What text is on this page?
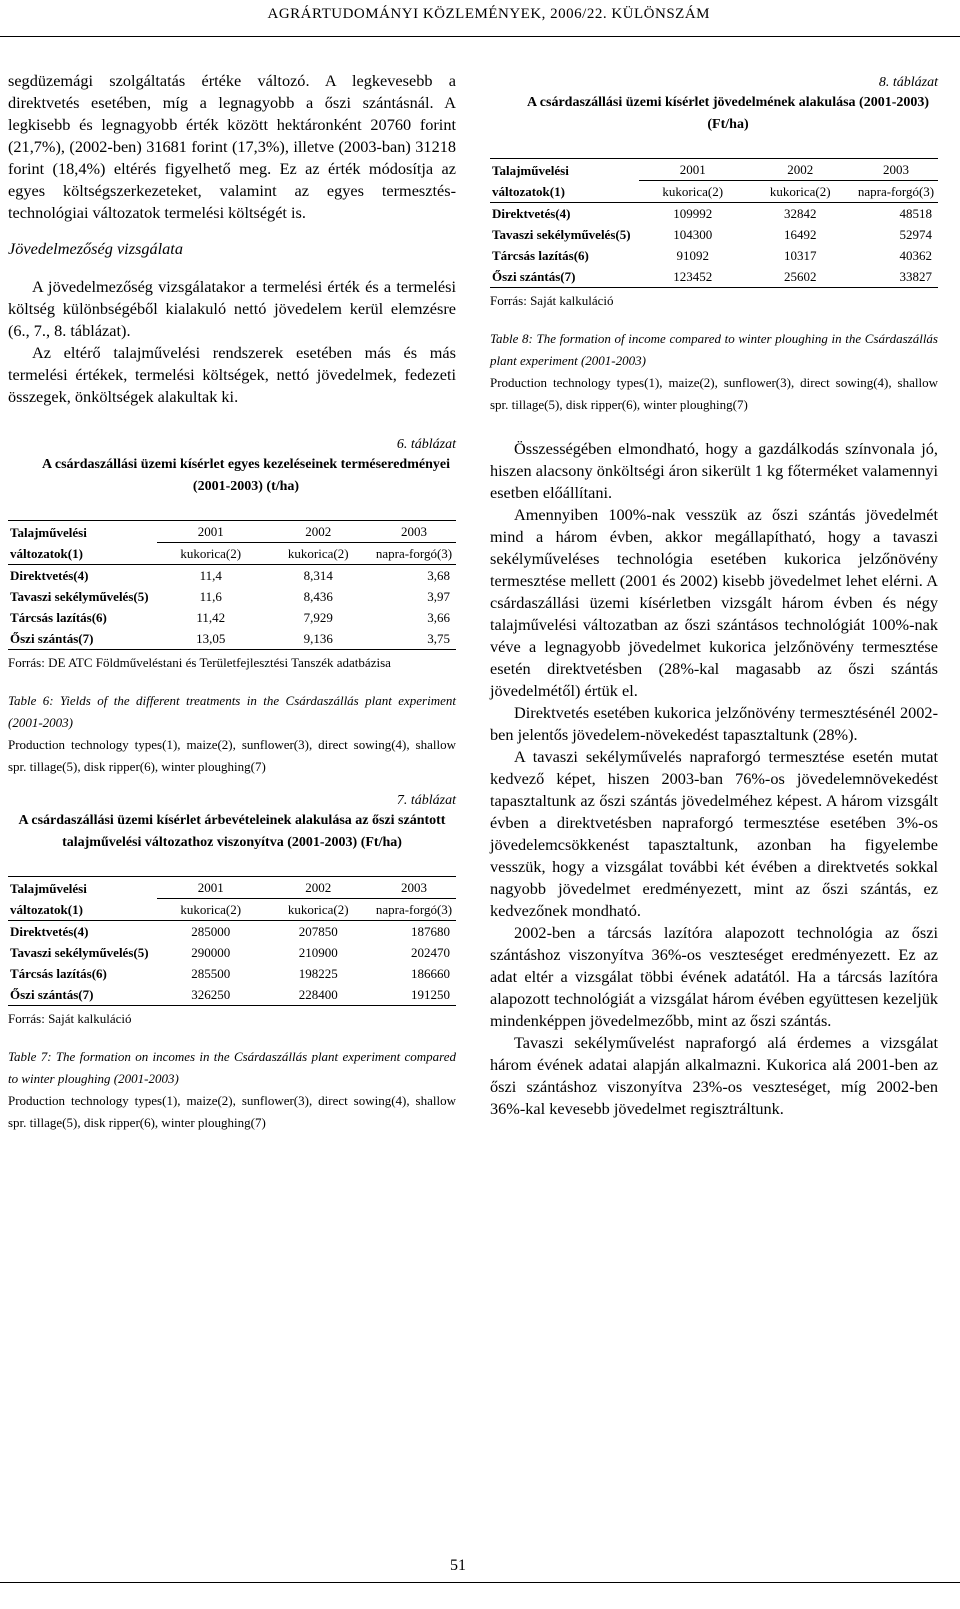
AGRÁRTUDOMÁNYI KÖZLEMÉNYEK, 2006/22. KÜLÖNSZÁM

segdüzemági szolgáltatás értéke változó. A legkevesebb a direktvetés esetében, míg a legnagyobb a őszi szántásnál. A legkisebb és legnagyobb érték között hektáronként 20760 forint (21,7%), (2002-ben) 31681 forint (17,3%), illetve (2003-ban) 31218 forint (18,4%) eltérés figyelhető meg. Ez az érték módosítja az egyes költségszerkezeteket, valamint az egyes termesztés-technológiai változatok termelési költségét is.

Jövedelmezőség vizsgálata

A jövedelmezőség vizsgálatakor a termelési érték és a termelési költség különbségéből kialakuló nettó jövedelem kerül elemzésre (6., 7., 8. táblázat).

Az eltérő talajművelési rendszerek esetében más és más termelési értékek, termelési költségek, nettó jövedelmek, fedezeti összegek, önköltségek alakultak ki.

6. táblázat
A csárdaszállási üzemi kísérlet egyes kezeléseinek terméseredményei (2001-2003) (t/ha)
Talajművelési változatok(1)	2001	2002	2003
	kukorica(2)	kukorica(2)	napra-forgó(3)
Direktvetés(4)	11,4	8,314	3,68
Tavaszi sekélyművelés(5)	11,6	8,436	3,97
Tárcsás lazítás(6)	11,42	7,929	3,66
Őszi szántás(7)	13,05	9,136	3,75
Forrás: DE ATC Földműveléstani és Területfejlesztési Tanszék adatbázisa
Table 6: Yields of the different treatments in the Csárdaszállás plant experiment (2001-2003)
Production technology types(1), maize(2), sunflower(3), direct sowing(4), shallow spr. tillage(5), disk ripper(6), winter ploughing(7)
7. táblázat
A csárdaszállási üzemi kísérlet árbevételeinek alakulása az őszi szántott talajművelési változathoz viszonyítva (2001-2003) (Ft/ha)
Talajművelési változatok(1)	2001	2002	2003
	kukorica(2)	kukorica(2)	napra-forgó(3)
Direktvetés(4)	285000	207850	187680
Tavaszi sekélyművelés(5)	290000	210900	202470
Tárcsás lazítás(6)	285500	198225	186660
Őszi szántás(7)	326250	228400	191250
Forrás: Saját kalkuláció
Table 7: The formation on incomes in the Csárdaszállás plant experiment compared to winter ploughing (2001-2003)
Production technology types(1), maize(2), sunflower(3), direct sowing(4), shallow spr. tillage(5), disk ripper(6), winter ploughing(7)
8. táblázat
A csárdaszállási üzemi kísérlet jövedelmének alakulása (2001-2003) (Ft/ha)
Talajművelési változatok(1)	2001	2002	2003
	kukorica(2)	kukorica(2)	napra-forgó(3)
Direktvetés(4)	109992	32842	48518
Tavaszi sekélyművelés(5)	104300	16492	52974
Tárcsás lazítás(6)	91092	10317	40362
Őszi szántás(7)	123452	25602	33827
Forrás: Saját kalkuláció
Table 8: The formation of income compared to winter ploughing in the Csárdaszállás plant experiment (2001-2003)
Production technology types(1), maize(2), sunflower(3), direct sowing(4), shallow spr. tillage(5), disk ripper(6), winter ploughing(7)

Összességében elmondható, hogy a gazdálkodás színvonala jó, hiszen alacsony önköltségi áron sikerült 1 kg főterméket valamennyi esetben előállítani.

Amennyiben 100%-nak vesszük az őszi szántás jövedelmét mind a három évben, akkor megállapítható, hogy a tavaszi sekélyműveléses technológia esetében kukorica jelzőnövény termesztése mellett (2001 és 2002) kisebb jövedelmet lehet elérni. A csárdaszállási üzemi kísérletben vizsgált három évben és négy talajművelési változatban az őszi szántásos technológiát 100%-nak véve a legnagyobb jövedelmet kukorica jelzőnövény termesztése esetén direktvetésben (28%-kal magasabb az őszi szántás jövedelmétől) értük el.

Direktvetés esetében kukorica jelzőnövény termesztésénél 2002-ben jelentős jövedelem-növekedést tapasztaltunk (28%).

A tavaszi sekélyművelés napraforgó termesztése esetén mutat kedvező képet, hiszen 2003-ban 76%-os jövedelemnövekedést tapasztaltunk az őszi szántás jövedelméhez képest. A három vizsgált évben a direktvetésben napraforgó termesztése esetében 3%-os jövedelemcsökkenést tapasztaltunk, azonban ha figyelembe vesszük, hogy a vizsgálat további két évében a direktvetés sokkal nagyobb jövedelmet eredményezett, mint az őszi szántás, ez kedvezőnek mondható.

2002-ben a tárcsás lazítóra alapozott technológia az őszi szántáshoz viszonyítva 36%-os veszteséget eredményezett. Ez az adat eltér a vizsgálat többi évének adatától. Ha a tárcsás lazítóra alapozott technológiát a vizsgálat három évében együttesen kezeljük mindenképpen jövedelmezőbb, mint az őszi szántás.

Tavaszi sekélyművelést napraforgó alá érdemes a vizsgálat három évének adatai alapján alkalmazni. Kukorica alá 2001-ben az őszi szántáshoz viszonyítva 23%-os veszteséget, míg 2002-ben 36%-kal kevesebb jövedelmet regisztráltunk.

51
